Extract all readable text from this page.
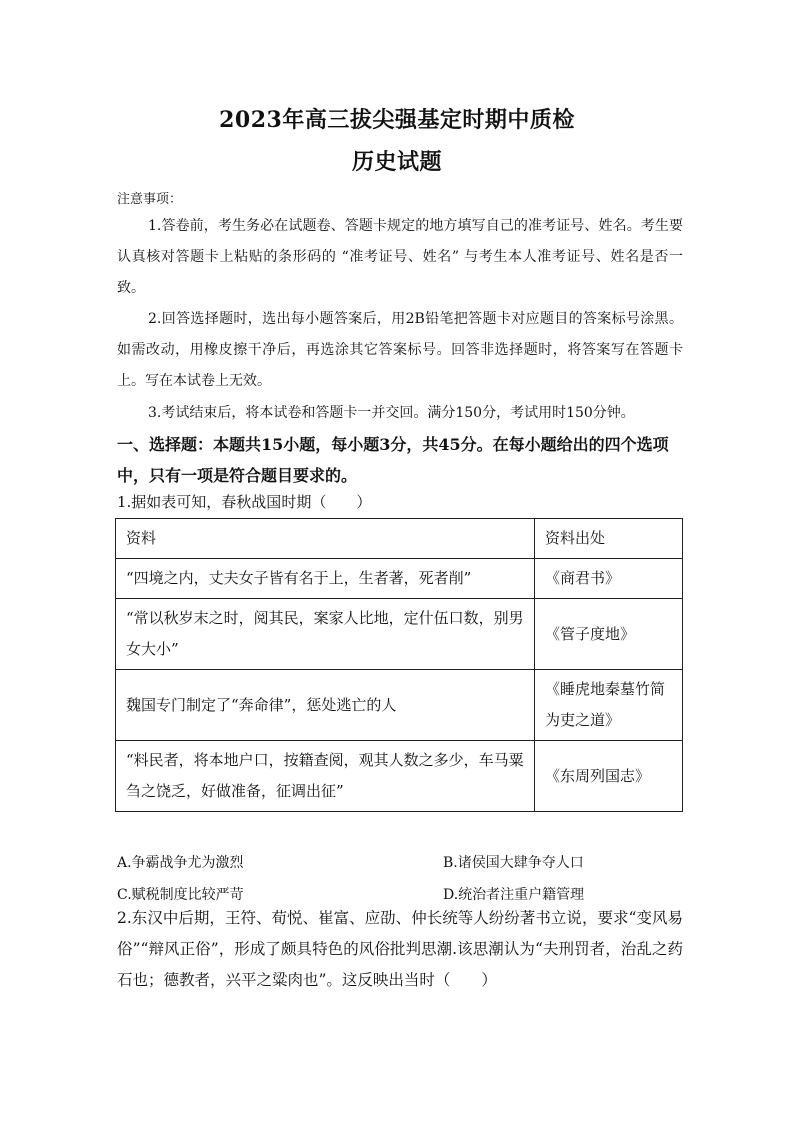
2023年高三拔尖强基定时期中质检
历史试题
注意事项：
1.答卷前，考生务必在试题卷、答题卡规定的地方填写自己的准考证号、姓名。考生要认真核对答题卡上粘贴的条形码的 “准考证号、姓名” 与考生本人准考证号、姓名是否一致。
2.回答选择题时，选出每小题答案后，用2B铅笔把答题卡对应题目的答案标号涂黑。如需改动，用橡皮擦干净后，再选涂其它答案标号。回答非选择题时，将答案写在答题卡上。写在本试卷上无效。
3.考试结束后，将本试卷和答题卡一并交回。满分150分，考试用时150分钟。
一、选择题：本题共15小题，每小题3分，共45分。在每小题给出的四个选项中，只有一项是符合题目要求的。
1.据如表可知，春秋战国时期（　　）
资料	资料出处
“四境之内，丈夫女子皆有名于上，生者著，死者削”	《商君书》
“常以秋岁末之时，阅其民，案家人比地，定什伍口数，别男女大小”	《管子度地》
魏国专门制定了“奔命律”，惩处逃亡的人	《睡虎地秦墓竹简为吏之道》
“料民者，将本地户口，按籍查阅，观其人数之多少，车马粟刍之饶乏，好做准备，征调出征”	《东周列国志》
A.争霸战争尤为激烈	B.诸侯国大肆争夺人口
C.赋税制度比较严苛	D.统治者注重户籍管理
2.东汉中后期，王符、荀悦、崔富、应劭、仲长统等人纷纷著书立说，要求“变风易俗”“辩风正俗”，形成了颇具特色的风俗批判思潮.该思潮认为“夫刑罚者，治乱之药石也；德教者，兴平之粱肉也”。这反映出当时（　　）
